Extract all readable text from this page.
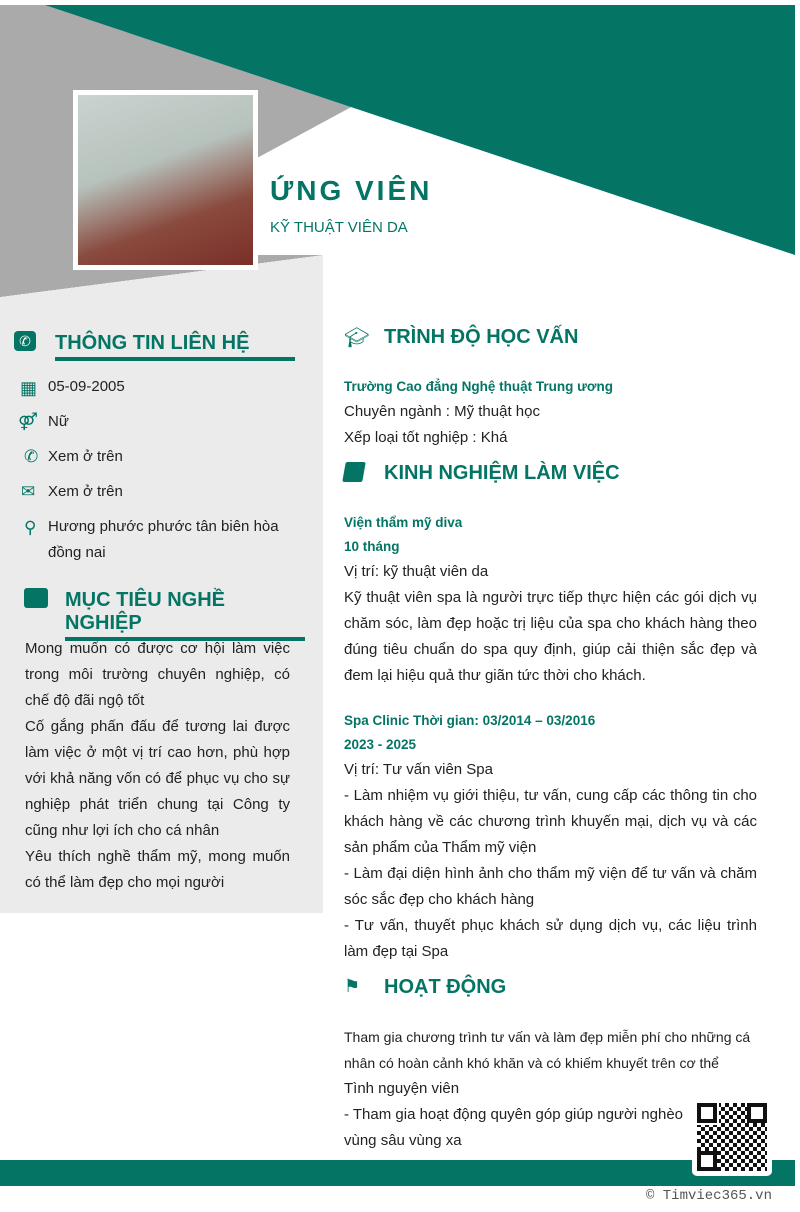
ỨNG VIÊN
KỸ THUẬT VIÊN DA
✆ THÔNG TIN LIÊN HỆ
▦ 05-09-2005
⚤ Nữ
✆ Xem ở trên
✉ Xem ở trên
⚲ Hương phước phước tân biên hòa đồng nai
MỤC TIÊU NGHỀ NGHIỆP
Mong muốn có được cơ hội làm việc trong môi trường chuyên nghiệp, có chế độ đãi ngộ tốt
Cố gắng phấn đấu để tương lai được làm việc ở một vị trí cao hơn, phù hợp với khả năng vốn có để phục vụ cho sự nghiệp phát triển chung tại Công ty cũng như lợi ích cho cá nhân
Yêu thích nghề thẩm mỹ, mong muốn có thể làm đẹp cho mọi người
🎓︎ TRÌNH ĐỘ HỌC VẤN
Trường Cao đẳng Nghệ thuật Trung ương
Chuyên ngành : Mỹ thuật học
Xếp loại tốt nghiệp : Khá
KINH NGHIỆM LÀM VIỆC
Viện thẩm mỹ diva
10 tháng
Vị trí: kỹ thuật viên da
Kỹ thuật viên spa là người trực tiếp thực hiện các gói dịch vụ chăm sóc, làm đẹp hoặc trị liệu của spa cho khách hàng theo đúng tiêu chuẩn do spa quy định, giúp cải thiện sắc đẹp và đem lại hiệu quả thư giãn tức thời cho khách.
Spa Clinic Thời gian: 03/2014 – 03/2016
2023 - 2025
Vị trí: Tư vấn viên Spa
- Làm nhiệm vụ giới thiệu, tư vấn, cung cấp các thông tin cho khách hàng về các chương trình khuyến mại, dịch vụ và các sản phẩm của Thẩm mỹ viện
- Làm đại diện hình ảnh cho thẩm mỹ viện để tư vấn và chăm sóc sắc đẹp cho khách hàng
- Tư vấn, thuyết phục khách sử dụng dịch vụ, các liệu trình làm đẹp tại Spa
⚑ HOẠT ĐỘNG
Tham gia chương trình tư vấn và làm đẹp miễn phí cho những cá nhân có hoàn cảnh khó khăn và có khiếm khuyết trên cơ thể
Tình nguyện viên
- Tham gia hoạt động quyên góp giúp người nghèo vùng sâu vùng xa
© Timviec365.vn
